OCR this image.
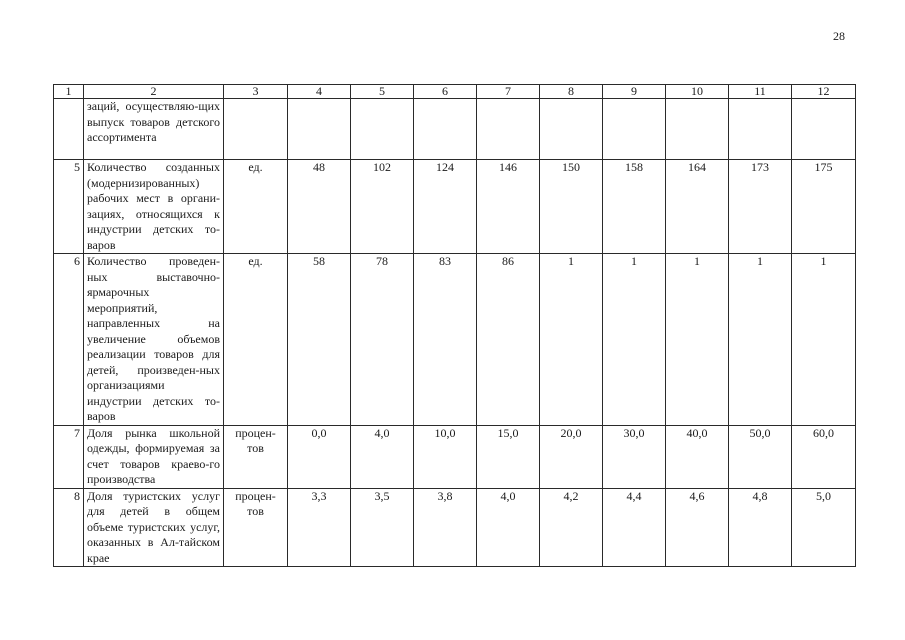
28
1	2	3	4	5	6	7	8	9	10	11	12
	заций, осуществляю-щих выпуск товаров детского ассортимента										
5	Количество созданных (модернизированных) рабочих мест в органи-зациях, относящихся к индустрии детских то-варов	ед.	48	102	124	146	150	158	164	173	175
6	Количество проведен-ных выставочно-ярмарочных мероприятий, направленных на увеличение объемов реализации товаров для детей, произведен-ных организациями индустрии детских то-варов	ед.	58	78	83	86	1	1	1	1	1
7	Доля рынка школьной одежды, формируемая за счет товаров краево-го производства	процен-тов	0,0	4,0	10,0	15,0	20,0	30,0	40,0	50,0	60,0
8	Доля туристских услуг для детей в общем объеме туристских услуг, оказанных в Ал-тайском крае	процен-тов	3,3	3,5	3,8	4,0	4,2	4,4	4,6	4,8	5,0
